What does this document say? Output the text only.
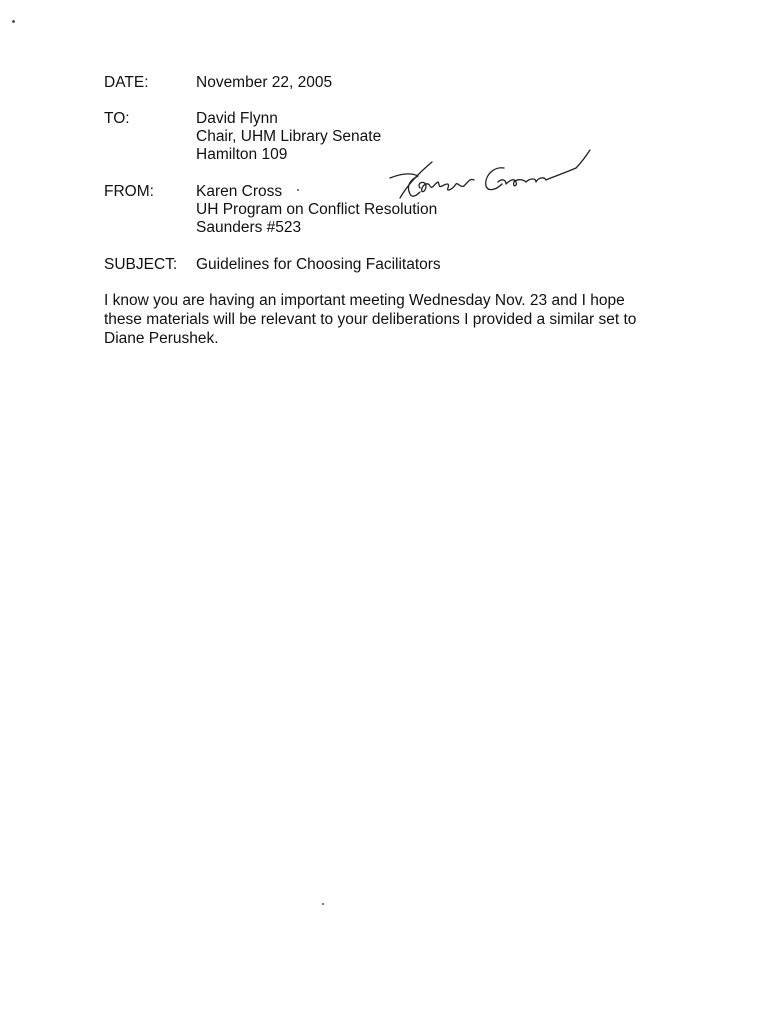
DATE:	November 22, 2005
TO:	David Flynn
Chair, UHM Library Senate
Hamilton 109
FROM:	Karen Cross
UH Program on Conflict Resolution
Saunders #523
SUBJECT: Guidelines for Choosing Facilitators
I know you are having an important meeting Wednesday Nov. 23 and I hope
these materials will be relevant to your deliberations I provided a similar set to
Diane Perushek.
